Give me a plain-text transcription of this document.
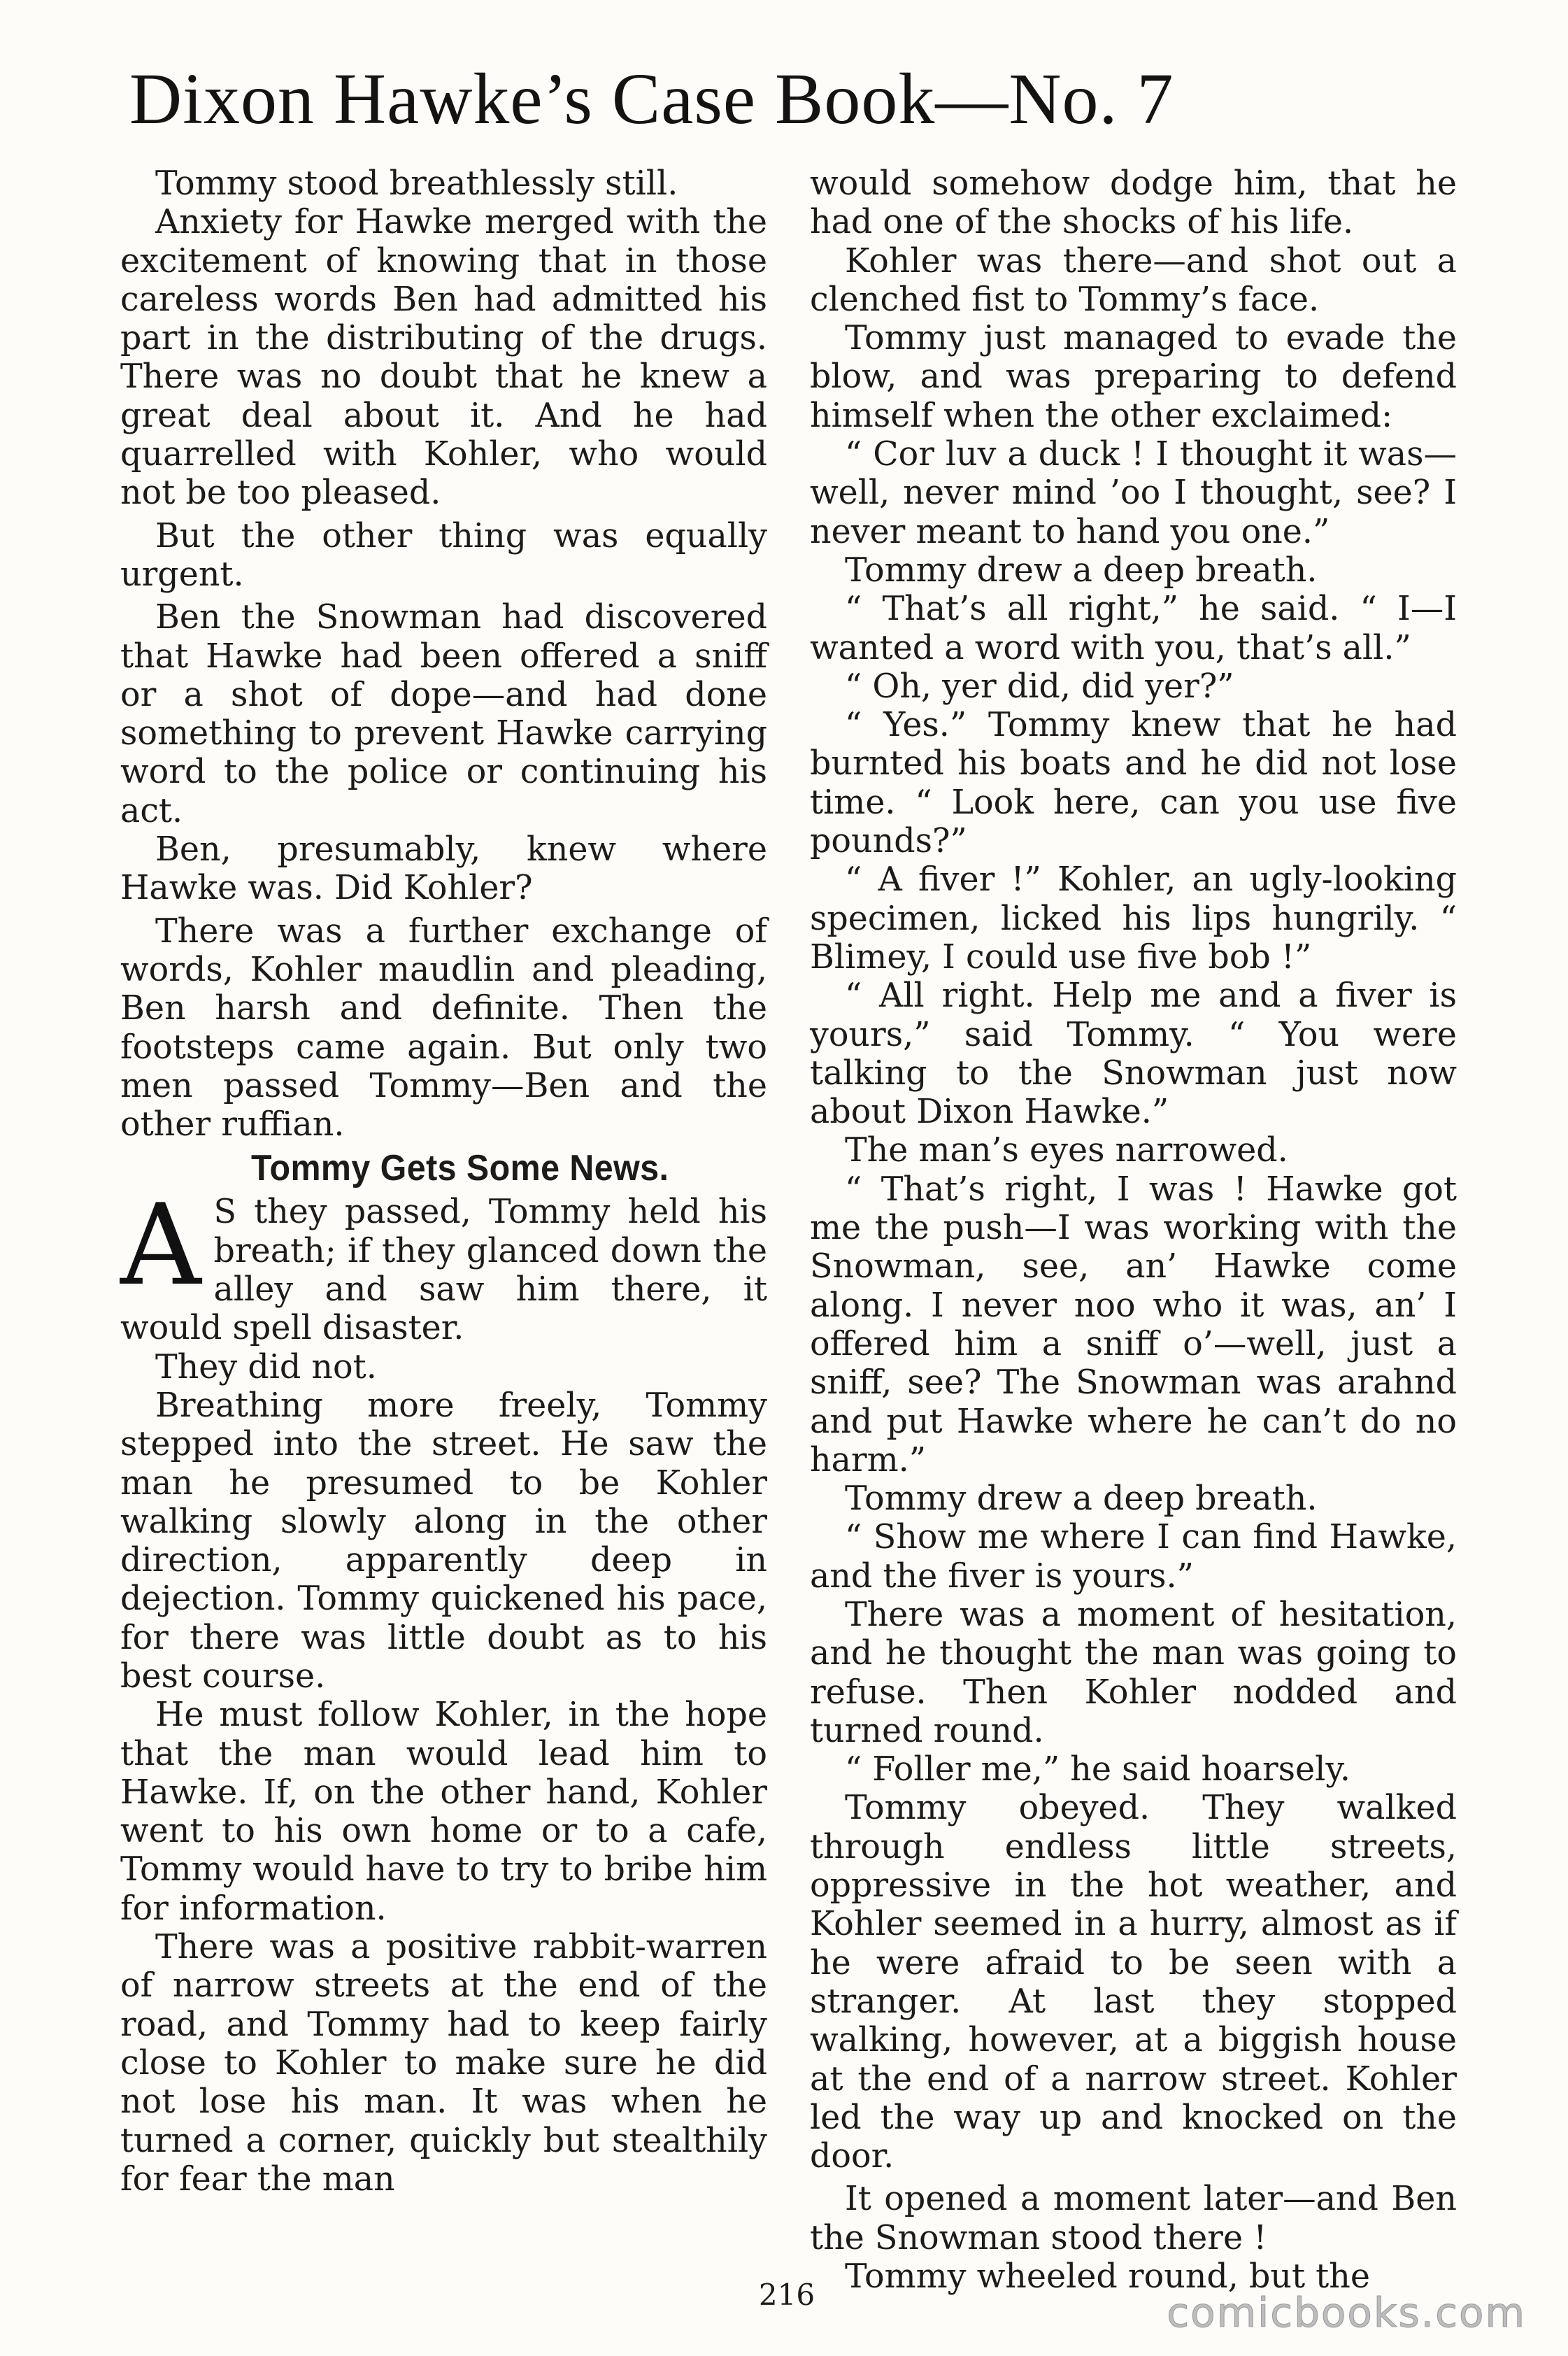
Dixon Hawke’s Case Book—No. 7

Tommy stood breathlessly still.

Anxiety for Hawke merged with the excitement of knowing that in those careless words Ben had admitted his part in the distributing of the drugs. There was no doubt that he knew a great deal about it. And he had quarrelled with Kohler, who would not be too pleased.

But the other thing was equally urgent.

Ben the Snowman had discovered that Hawke had been offered a sniff or a shot of dope—and had done something to prevent Hawke carrying word to the police or continuing his act.

Ben, presumably, knew where Hawke was. Did Kohler?

There was a further exchange of words, Kohler maudlin and pleading, Ben harsh and definite. Then the footsteps came again. But only two men passed Tommy—Ben and the other ruffian.

Tommy Gets Some News.

A S they passed, Tommy held his breath; if they glanced down the alley and saw him there, it would spell disaster.

They did not.

Breathing more freely, Tommy stepped into the street. He saw the man he presumed to be Kohler walking slowly along in the other direction, apparently deep in dejection. Tommy quickened his pace, for there was little doubt as to his best course.

He must follow Kohler, in the hope that the man would lead him to Hawke. If, on the other hand, Kohler went to his own home or to a cafe, Tommy would have to try to bribe him for information.

There was a positive rabbit-warren of narrow streets at the end of the road, and Tommy had to keep fairly close to Kohler to make sure he did not lose his man. It was when he turned a corner, quickly but stealthily for fear the man

would somehow dodge him, that he had one of the shocks of his life.

Kohler was there—and shot out a clenched fist to Tommy’s face.

Tommy just managed to evade the blow, and was preparing to defend himself when the other exclaimed:

“ Cor luv a duck ! I thought it was—well, never mind ’oo I thought, see? I never meant to hand you one.”

Tommy drew a deep breath.

“ That’s all right,” he said. “ I—I wanted a word with you, that’s all.”

“ Oh, yer did, did yer?”

“ Yes.” Tommy knew that he had burnted his boats and he did not lose time. “ Look here, can you use five pounds?”

“ A fiver !” Kohler, an ugly-looking specimen, licked his lips hungrily. “ Blimey, I could use five bob !”

“ All right. Help me and a fiver is yours,” said Tommy. “ You were talking to the Snowman just now about Dixon Hawke.”

The man’s eyes narrowed.

“ That’s right, I was ! Hawke got me the push—I was working with the Snowman, see, an’ Hawke come along. I never noo who it was, an’ I offered him a sniff o’—well, just a sniff, see? The Snowman was arahnd and put Hawke where he can’t do no harm.”

Tommy drew a deep breath.

“ Show me where I can find Hawke, and the fiver is yours.”

There was a moment of hesitation, and he thought the man was going to refuse. Then Kohler nodded and turned round.

“ Foller me,” he said hoarsely.

Tommy obeyed. They walked through endless little streets, oppressive in the hot weather, and Kohler seemed in a hurry, almost as if he were afraid to be seen with a stranger. At last they stopped walking, however, at a biggish house at the end of a narrow street. Kohler led the way up and knocked on the door.

It opened a moment later—and Ben the Snowman stood there !

Tommy wheeled round, but the

216	comicbooks.com
